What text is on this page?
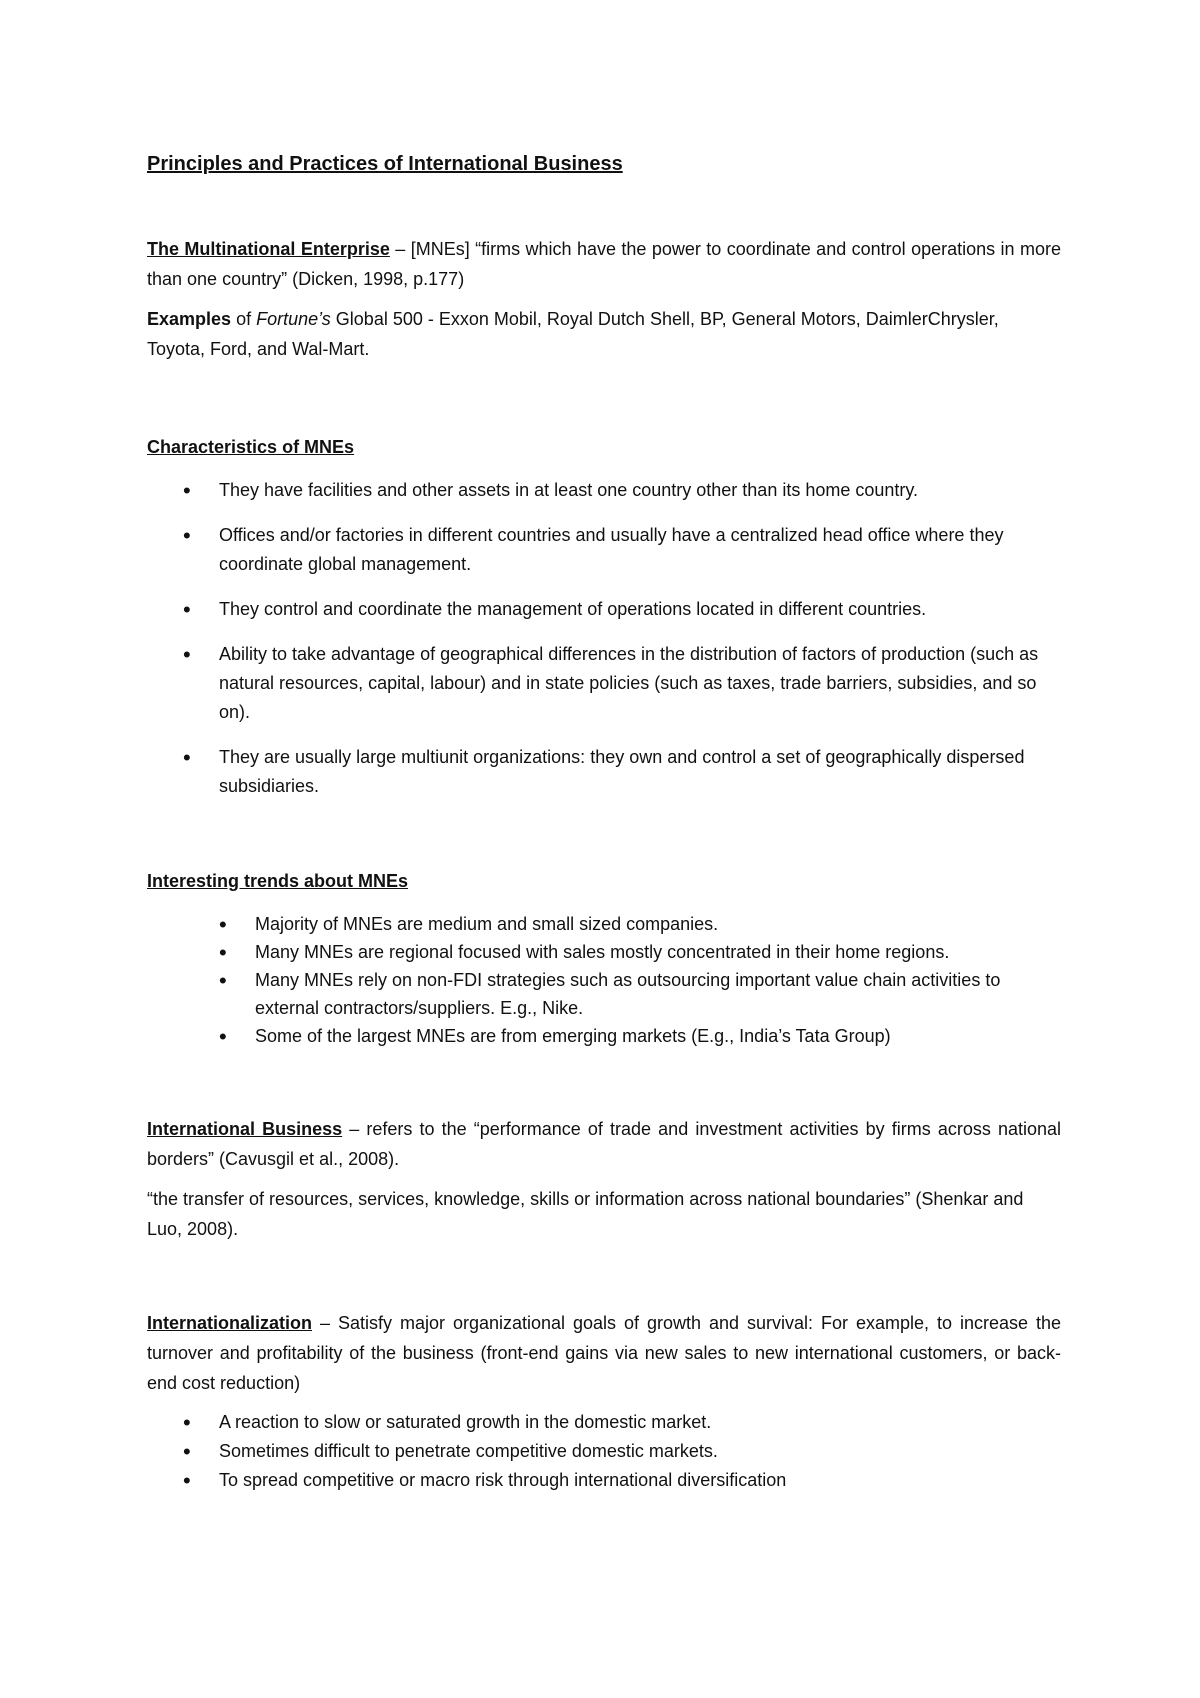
Principles and Practices of International Business

The Multinational Enterprise – [MNEs] “firms which have the power to coordinate and control operations in more than one country” (Dicken, 1998, p.177)

Examples of Fortune’s Global 500 - Exxon Mobil, Royal Dutch Shell, BP, General Motors, DaimlerChrysler, Toyota, Ford, and Wal-Mart.

Characteristics of MNEs

• They have facilities and other assets in at least one country other than its home country.
• Offices and/or factories in different countries and usually have a centralized head office where they coordinate global management.
• They control and coordinate the management of operations located in different countries.
• Ability to take advantage of geographical differences in the distribution of factors of production (such as natural resources, capital, labour) and in state policies (such as taxes, trade barriers, subsidies, and so on).
• They are usually large multiunit organizations: they own and control a set of geographically dispersed subsidiaries.

Interesting trends about MNEs

• Majority of MNEs are medium and small sized companies.
• Many MNEs are regional focused with sales mostly concentrated in their home regions.
• Many MNEs rely on non-FDI strategies such as outsourcing important value chain activities to external contractors/suppliers. E.g., Nike.
• Some of the largest MNEs are from emerging markets (E.g., India’s Tata Group)

International Business – refers to the “performance of trade and investment activities by firms across national borders” (Cavusgil et al., 2008).

“the transfer of resources, services, knowledge, skills or information across national boundaries” (Shenkar and Luo, 2008).

Internationalization – Satisfy major organizational goals of growth and survival: For example, to increase the turnover and profitability of the business (front-end gains via new sales to new international customers, or back-end cost reduction)

• A reaction to slow or saturated growth in the domestic market.
• Sometimes difficult to penetrate competitive domestic markets.
• To spread competitive or macro risk through international diversification
